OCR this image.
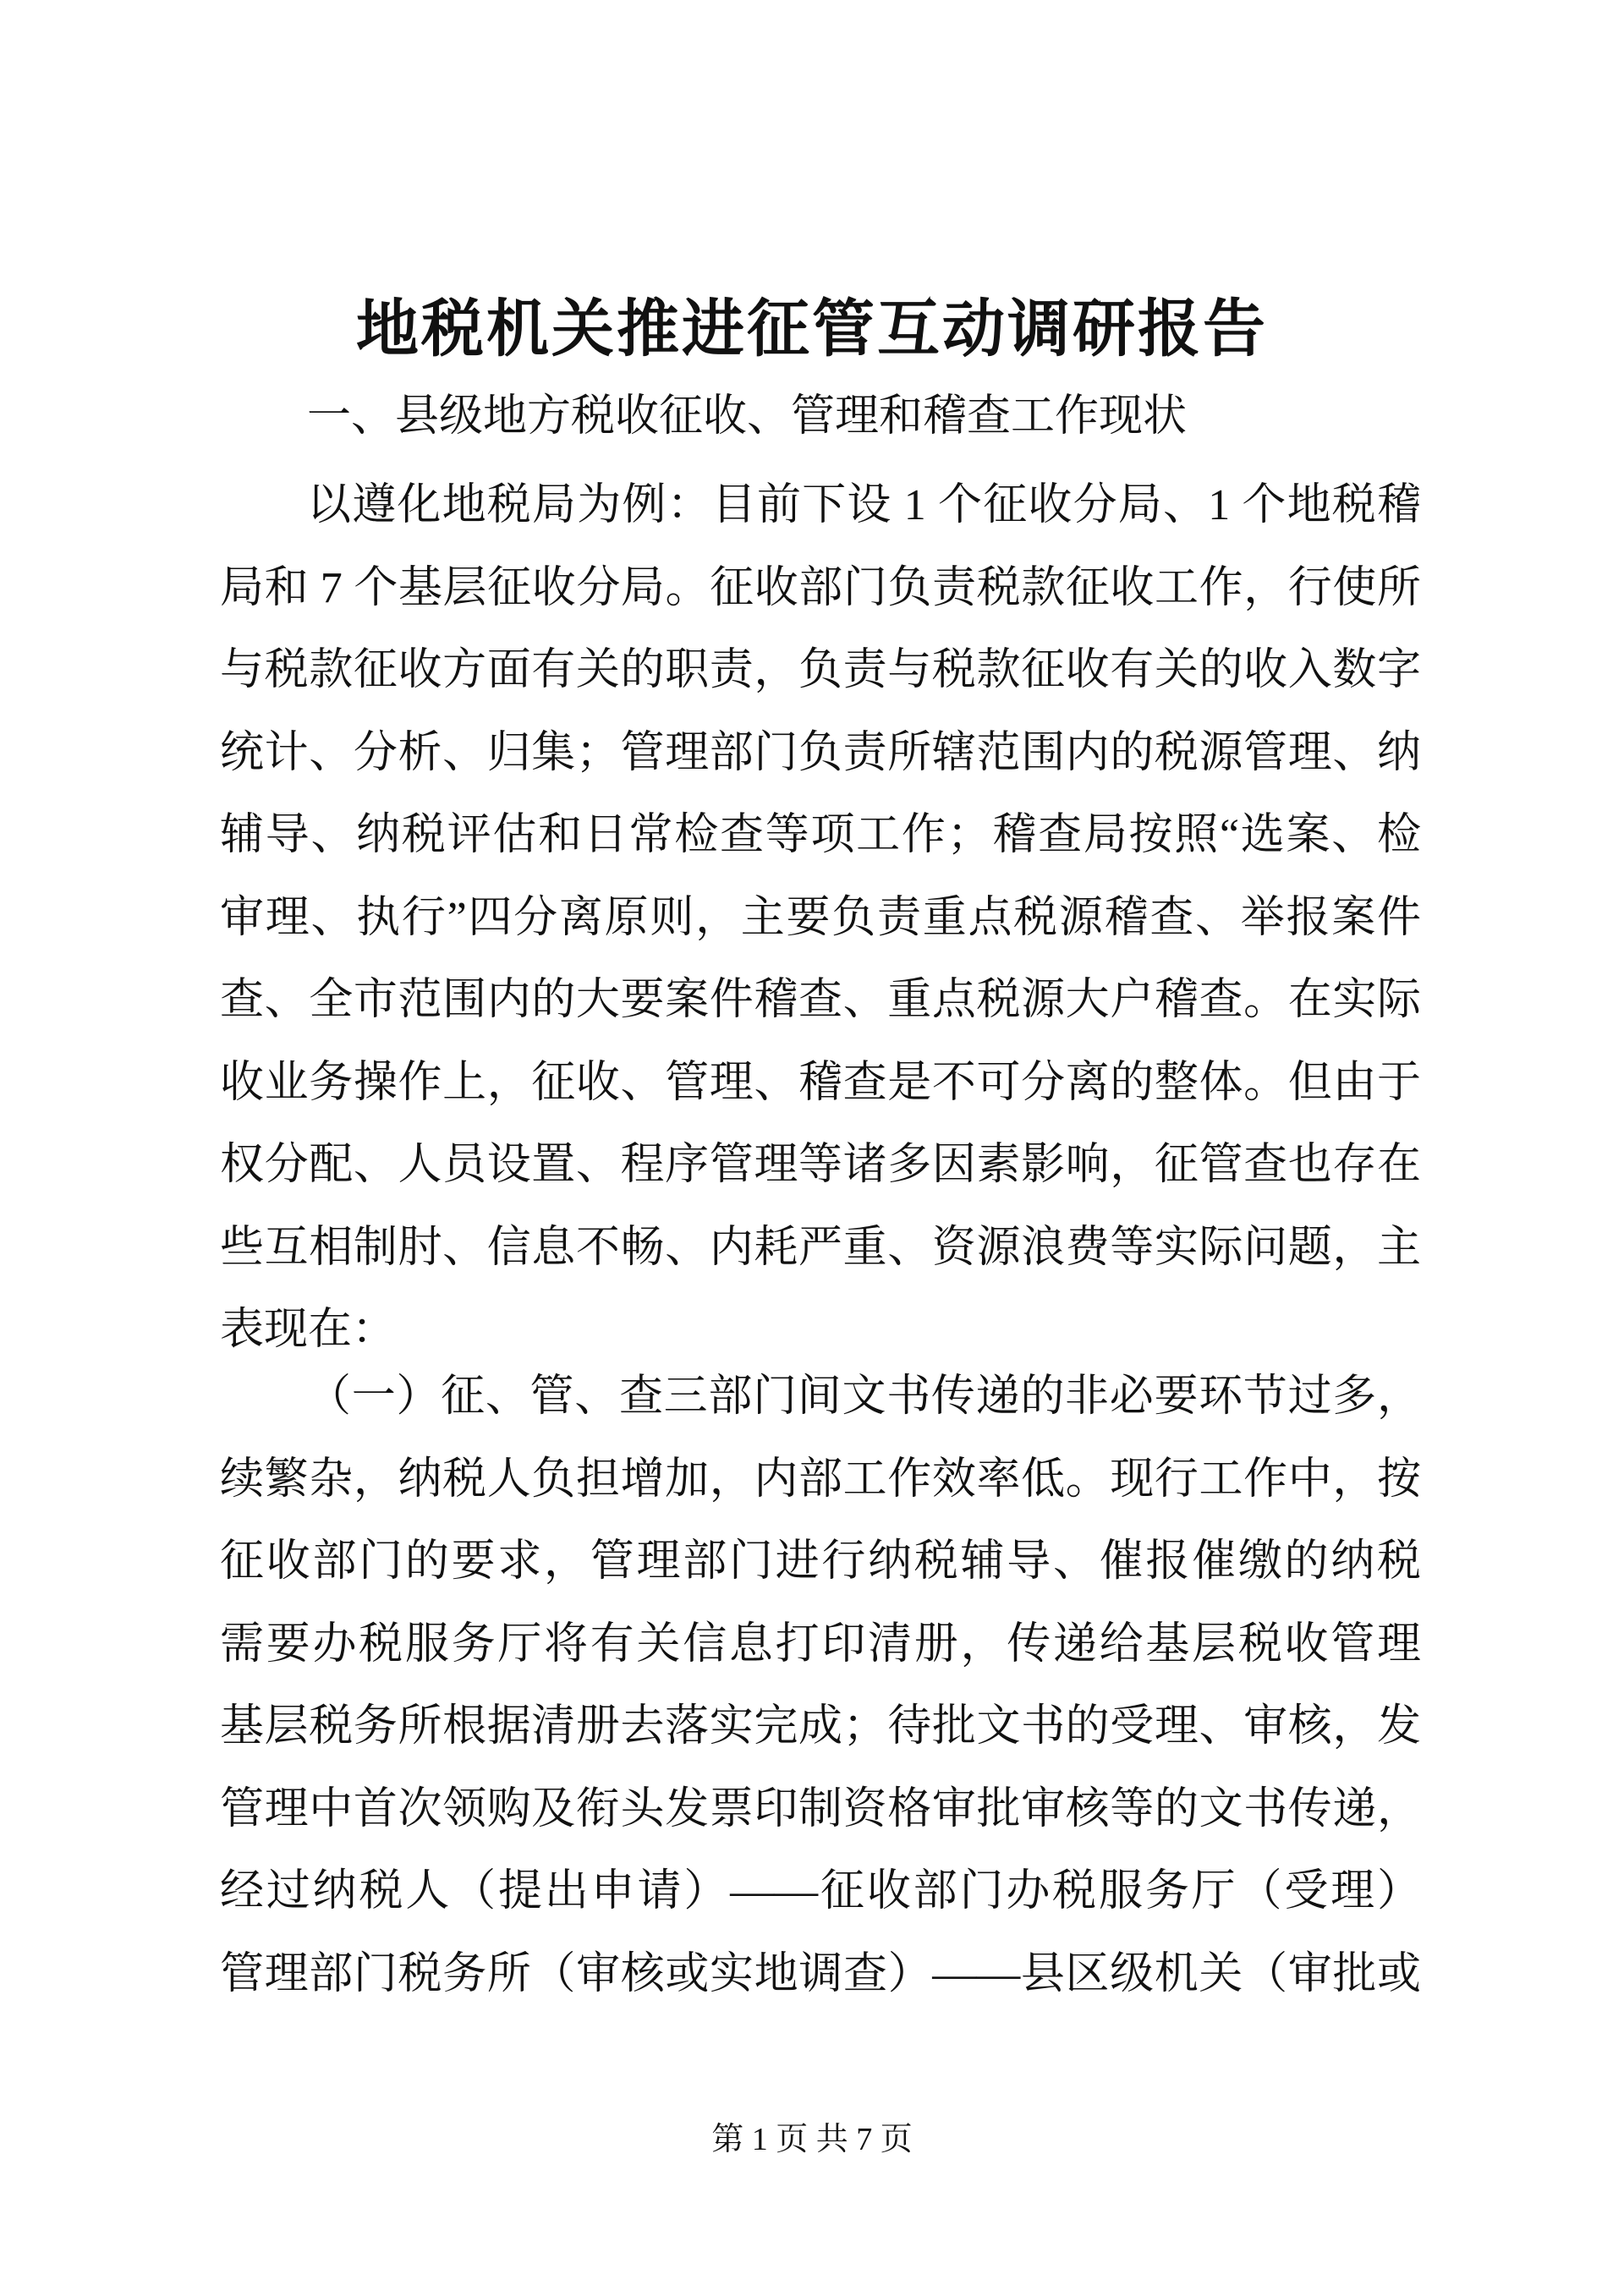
地税机关推进征管互动调研报告
一、县级地方税收征收、管理和稽查工作现状
以遵化地税局为例：目前下设 1 个征收分局、1 个地税稽
局和 7 个基层征收分局。征收部门负责税款征收工作，行使所
与税款征收方面有关的职责，负责与税款征收有关的收入数字
统计、分析、归集；管理部门负责所辖范围内的税源管理、纳
辅导、纳税评估和日常检查等项工作；稽查局按照“选案、检
审理、执行”四分离原则，主要负责重点税源稽查、举报案件
查、全市范围内的大要案件稽查、重点税源大户稽查。在实际
收业务操作上，征收、管理、稽查是不可分离的整体。但由于
权分配、人员设置、程序管理等诸多因素影响，征管查也存在
些互相制肘、信息不畅、内耗严重、资源浪费等实际问题，主
表现在：
（一）征、管、查三部门间文书传递的非必要环节过多，
续繁杂，纳税人负担增加，内部工作效率低。现行工作中，按
征收部门的要求，管理部门进行纳税辅导、催报催缴的纳税
需要办税服务厅将有关信息打印清册，传递给基层税收管理
基层税务所根据清册去落实完成；待批文书的受理、审核，发
管理中首次领购及衔头发票印制资格审批审核等的文书传递，
经过纳税人（提出申请）——征收部门办税服务厅（受理）
管理部门税务所（审核或实地调查）——县区级机关（审批或
第 1 页 共 7 页
